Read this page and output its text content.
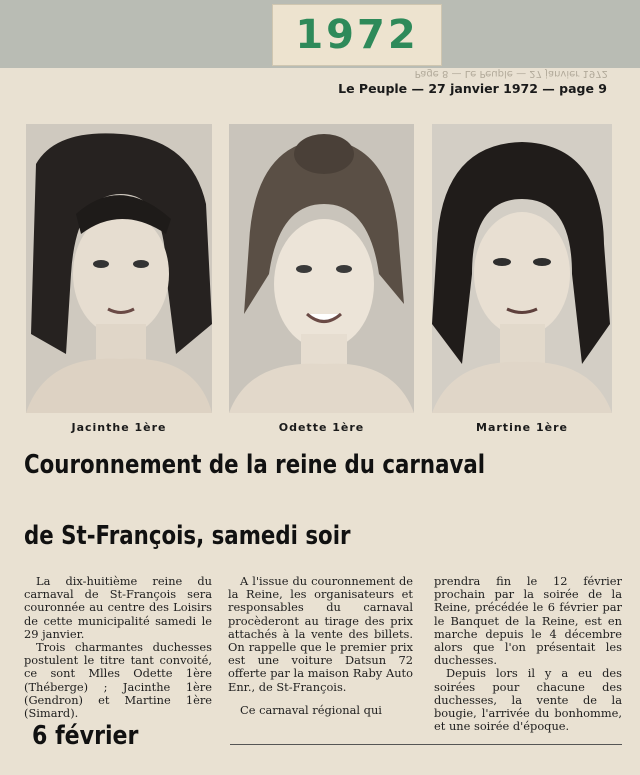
1972
Page 8 — Le Peuple — 27 janvier 1972
Le Peuple — 27 janvier 1972 — page 9
Jacinthe 1ère	Odette 1ère	Martine 1ère
Couronnement de la reine du carnaval
de St-François, samedi soir

La dix-huitième reine du carnaval de St-François sera couronnée au centre des Loisirs de cette municipalité samedi le 29 janvier.

Trois charmantes duchesses postulent le titre tant convoité, ce sont Mlles Odette 1ère (Théberge) ; Jacinthe 1ère (Gendron) et Martine 1ère (Simard).

A l'issue du couronnement de la Reine, les organisateurs et responsables du carnaval procèderont au tirage des prix attachés à la vente des billets. On rappelle que le premier prix est une voiture Datsun 72 offerte par la maison Raby Auto Enr., de St-François.

Ce carnaval régional qui

prendra fin le 12 février prochain par la soirée de la Reine, précédée le 6 février par le Banquet de la Reine, est en marche depuis le 4 décembre alors que l'on présentait les duchesses.

Depuis lors il y a eu des soirées pour chacune des duchesses, la vente de la bougie, l'arrivée du bonhomme, et une soirée d'époque.

6 février
